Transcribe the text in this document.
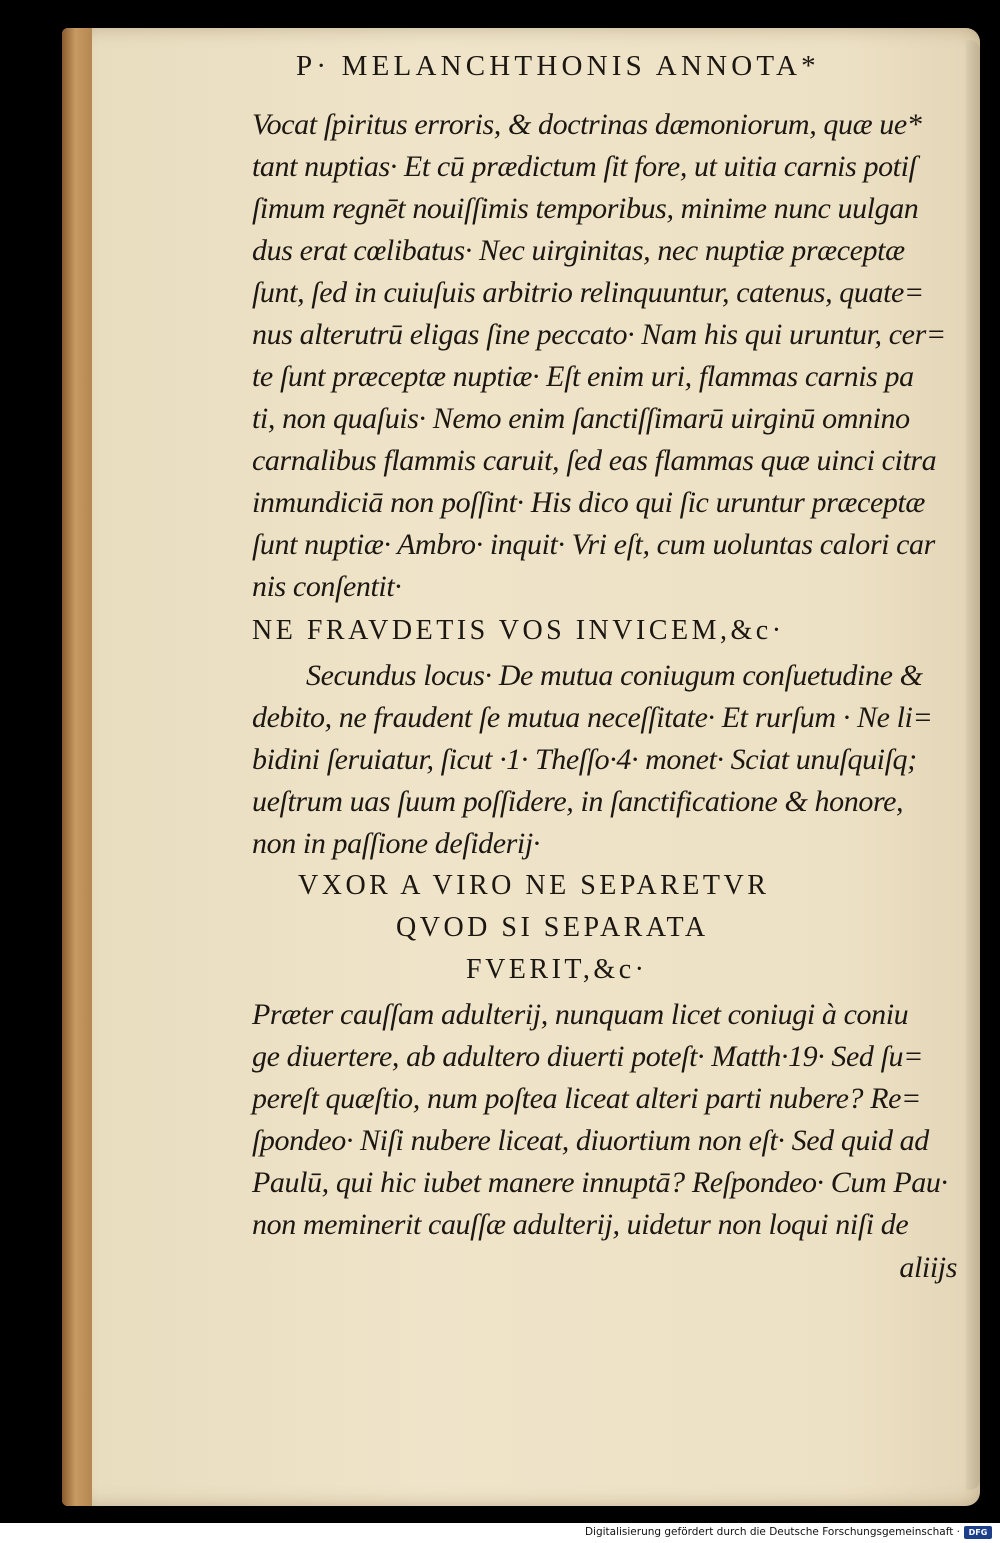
P· MELANCHTHONIS ANNOTA*

Vocat ſpiritus erroris, & doctrinas dæmoniorum, quæ ue*

tant nuptias· Et cū prædictum ſit fore, ut uitia carnis potiſ

ſimum regnēt nouiſſimis temporibus, minime nunc uulgan

dus erat cœlibatus· Nec uirginitas, nec nuptiæ præceptæ

ſunt, ſed in cuiuſuis arbitrio relinquuntur, catenus, quate=

nus alterutrū eligas ſine peccato· Nam his qui uruntur, cer=

te ſunt præceptæ nuptiæ· Eſt enim uri, flammas carnis pa

ti, non quaſuis· Nemo enim ſanctiſſimarū uirginū omnino

carnalibus flammis caruit, ſed eas flammas quæ uinci citra

inmundiciā non poſſint· His dico qui ſic uruntur præceptæ

ſunt nuptiæ· Ambro· inquit· Vri eſt, cum uoluntas calori car

nis conſentit·

NE FRAVDETIS VOS INVICEM,&c·

Secundus locus· De mutua coniugum conſuetudine &

debito, ne fraudent ſe mutua neceſſitate· Et rurſum · Ne li=

bidini ſeruiatur, ſicut ·1· Theſſo·4· monet· Sciat unuſquiſq;

ueſtrum uas ſuum poſſidere, in ſanctificatione & honore,

non in paſſione deſiderij·

VXOR A VIRO NE SEPARETVR
QVOD SI SEPARATA
FVERIT,&c·

Præter cauſſam adulterij, nunquam licet coniugi à coniu

ge diuertere, ab adultero diuerti poteſt· Matth·19· Sed ſu=

pereſt quæſtio, num poſtea liceat alteri parti nubere? Re=

ſpondeo· Niſi nubere liceat, diuortium non eſt· Sed quid ad

Paulū, qui hic iubet manere innuptā? Reſpondeo· Cum Pau·

non meminerit cauſſæ adulterij, uidetur non loqui niſi de

aliijs

Digitalisierung gefördert durch die Deutsche Forschungsgemeinschaft ·	DFG
